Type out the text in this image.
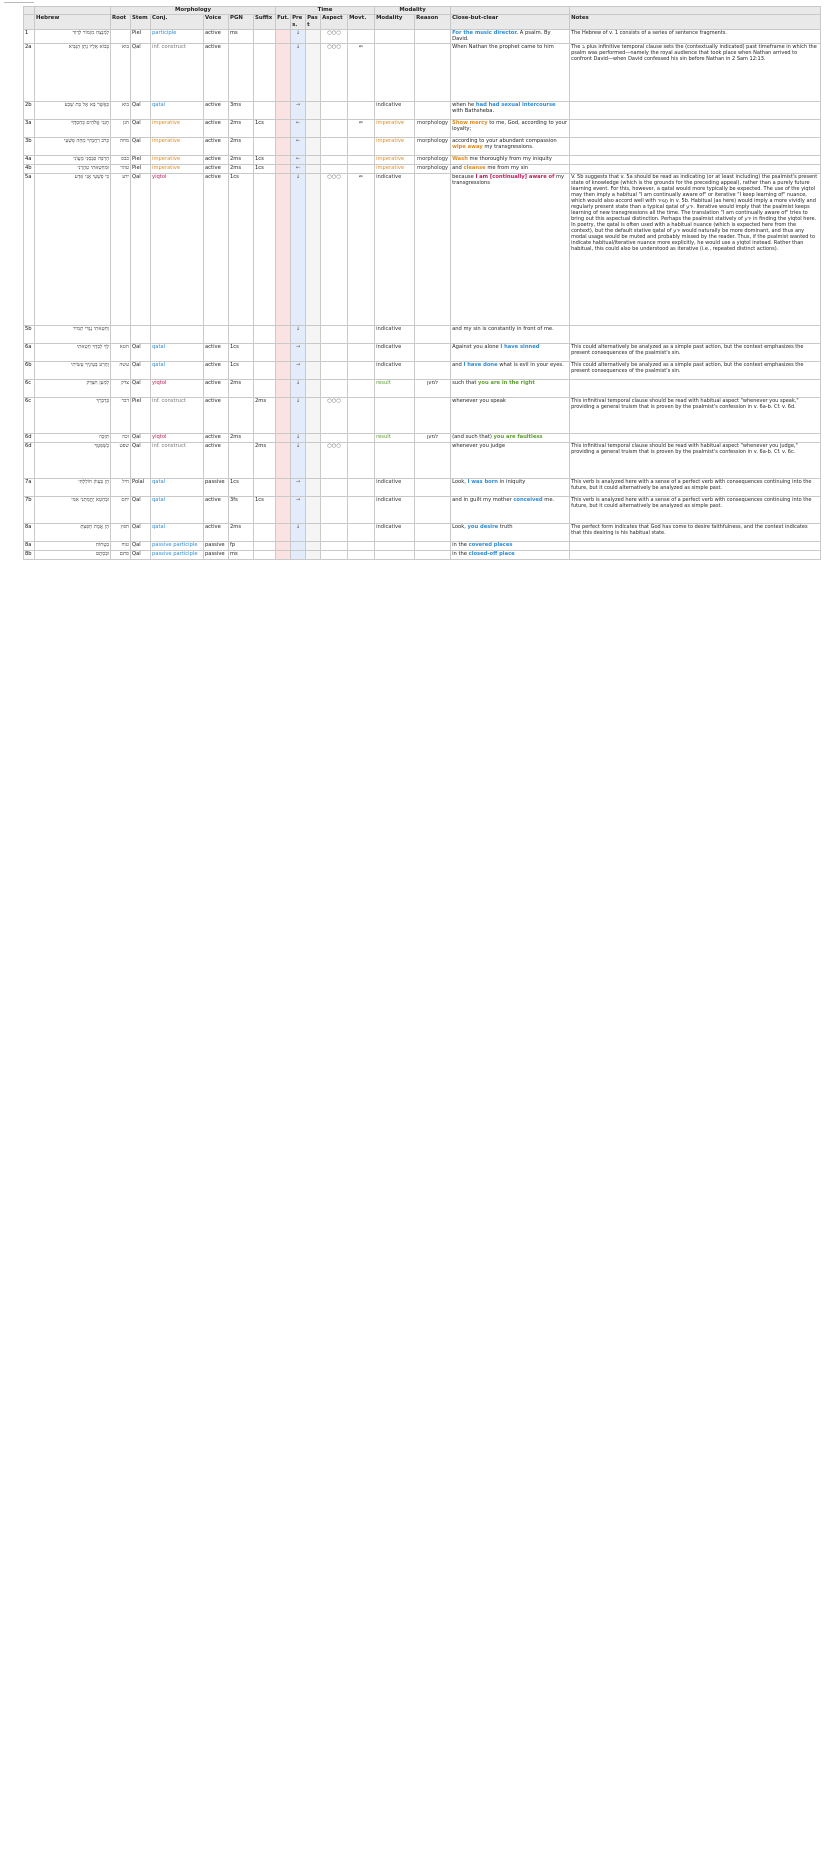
		Morphology						Time					Modality			
	Hebrew	Root	Stem	Conj.	Voice	PGN	Suffix	Fut.	Pres.	Past	Aspect	Movt.	Modality	Reason	Close-but-clear	Notes
1	לַמְנַצֵּחַ מִזְמוֹר לְדָוִד		Piel	participle	active	ms			↓		○○○				For the music director. A psalm. By David.	The Hebrew of v. 1 consists of a series of sentence fragments.
2a	בְּבוֹא אֵלָיו נָתָן הַנָּבִיא	בוא	Qal	inf. construct	active				↓		○○○	⇐			When Nathan the prophet came to him	The ב plus infinitive temporal clause sets the (contextually indicated) past timeframe in which the psalm was performed—namely the royal audience that took place when Nathan arrived to confront David—when David confessed his sin before Nathan in 2 Sam 12:13.
2b	כַּאֲשֶׁר בָּא אֶל בַּת שָׁבַע	בוא	Qal	qatal	active	3ms			→				indicative		when he had had sexual intercourse with Bathsheba.	
3a	חָנֵּנִי אֱלֹהִים כְּחַסְדֶּךָ	חנן	Qal	imperative	active	2ms	1cs		←			⇐	imperative	morphology	Show mercy to me, God, according to your loyalty;	
3b	כְּרֹב רַחֲמֶיךָ מְחֵה פְשָׁעָי	מחה	Qal	imperative	active	2ms			←				imperative	morphology	according to your abundant compassion wipe away my transgressions.	
4a	הַרְבֵּה כַּבְּסֵנִי מֵעֲוֹנִי	כבס	Piel	imperative	active	2ms	1cs		←				imperative	morphology	Wash me thoroughly from my iniquity	
4b	וּמֵחַטָּאתִי טַהֲרֵנִי	טהר	Piel	imperative	active	2ms	1cs		←				imperative	morphology	and cleanse me from my sin	
5a	כִּי פְשָׁעַי אֲנִי אֵדָע	ידע	Qal	yiqtol	active	1cs			↓		○○○	⇐	indicative		because I am [continually] aware of my transgressions	V. 5b suggests that v. 5a should be read as indicating (or at least including) the psalmist's present state of knowledge (which is the grounds for the preceding appeal), rather than a purely future learning event. For this, however, a qatal would more typically be expected. The use of the yiqtol may then imply a habitual "I am continually aware of" or iterative "I keep learning of" nuance, which would also accord well with תָמִיד in v. 5b. Habitual (as here) would imply a more vividly and regularly present state than a typical qatal of ידע. Iterative would imply that the psalmist keeps learning of new transgressions all the time. The translation "I am continually aware of" tries to bring out this aspectual distinction. Perhaps the psalmist statively of ידע in finding the yiqtol here. In poetry, the qatal is often used with a habitual nuance (which is expected here from the context), but the default stative qatal of ידע would naturally be more dominant, and thus any modal usage would be muted and probably missed by the reader. Thus, if the psalmist wanted to indicate habitual/iterative nuance more explicitly, he would use a yiqtol instead. Rather than habitual, this could also be understood as iterative (i.e., repeated distinct actions).
5b	וְחַטָּאתִי נֶגְדִּי תָמִיד								↓				indicative		and my sin is constantly in front of me.	
6a	לְךָ לְבַדְּךָ חָטָאתִי	חטא	Qal	qatal	active	1cs			→				indicative		Against you alone I have sinned	This could alternatively be analyzed as a simple past action, but the context emphasizes the present consequences of the psalmist's sin.
6b	וְהָרַע בְּעֵינֶיךָ עָשִׂיתִי	עשה	Qal	qatal	active	1cs			→				indicative		and I have done what is evil in your eyes.	This could alternatively be analyzed as a simple past action, but the context emphasizes the present consequences of the psalmist's sin.
6c	לְמַעַן תִּצְדַּק	צדק	Qal	yiqtol	active	2ms			↓				result	למען	such that you are in the right	
6c	בְּדָבְרֶךָ	דבר	Piel	inf. construct	active		2ms		↓		○○○				whenever you speak	This infinitival temporal clause should be read with habitual aspect "whenever you speak," providing a general truism that is proven by the psalmist's confession in v. 6a-b. Cf. v. 6d.
6d	תִּזְכֶּה	זכה	Qal	yiqtol	active	2ms			↓				result	למען	(and such that) you are faultless	
6d	בְשָׁפְטֶךָ	שפט	Qal	inf. construct	active		2ms		↓		○○○				whenever you judge	This infinitival temporal clause should be read with habitual aspect "whenever you judge," providing a general truism that is proven by the psalmist's confession in v. 6a-b. Cf. v. 6c.
7a	הֵן בְּעָווֹן חוֹלָלְתִּי	חיל	Polal	qatal	passive	1cs			→				indicative		Look, I was born in iniquity	This verb is analyzed here with a sense of a perfect verb with consequences continuing into the future, but it could alternatively be analyzed as simple past.
7b	וּבְחֵטְא יֶחֱמַתְנִי אִמִּי	יחם	Qal	qatal	active	3fs	1cs		→				indicative		and in guilt my mother conceived me.	This verb is analyzed here with a sense of a perfect verb with consequences continuing into the future, but it could alternatively be analyzed as simple past.
8a	הֵן אֱמֶת חָפַצְתָּ	חפץ	Qal	qatal	active	2ms			↓				indicative		Look, you desire truth	The perfect form indicates that God has come to desire faithfulness, and the context indicates that this desiring is his habitual state.
8a	בַטֻּחוֹת	טוח	Qal	passive participle	passive	fp									in the covered places	
8b	וּבְסָתֻם	סתם	Qal	passive participle	passive	ms									in the closed-off place	
